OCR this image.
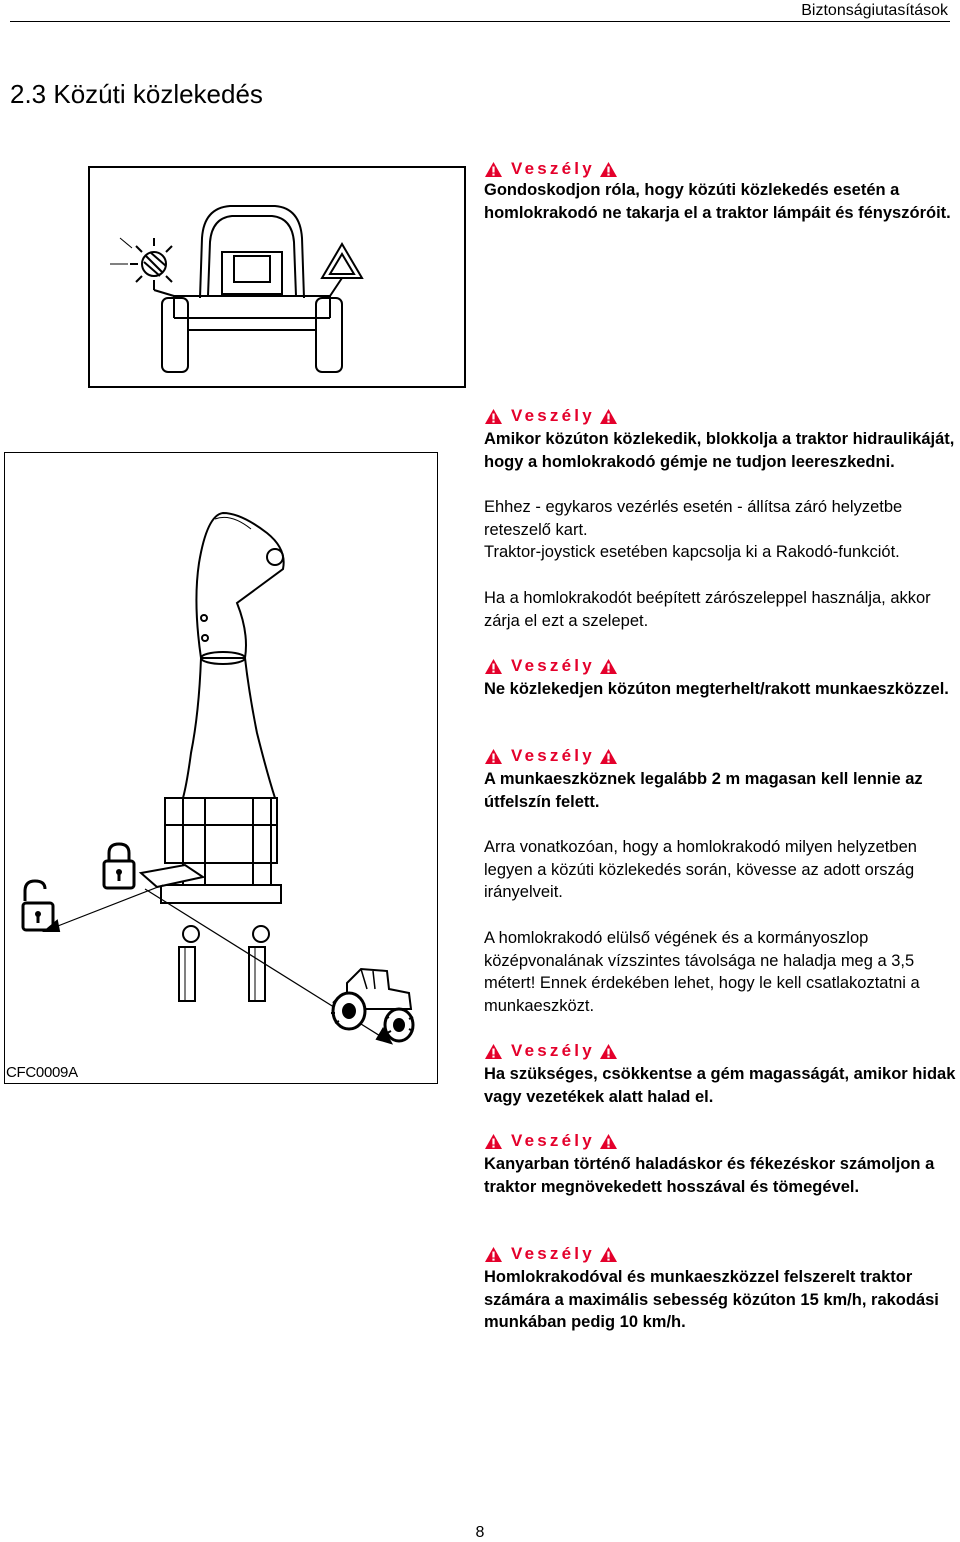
Biztonságiutasítások
2.3 Közúti közlekedés
CFC0009A
Veszély
Gondoskodjon róla, hogy közúti közlekedés esetén a homlokrakodó ne takarja el a traktor lámpáit és fényszóróit.
Veszély
Amikor közúton közlekedik, blokkolja a traktor hidraulikáját, hogy a homlokrakodó gémje ne tudjon leereszkedni.
Ehhez - egykaros vezérlés esetén - állítsa záró helyzetbe reteszelő kart.
Traktor-joystick esetében kapcsolja ki a Rakodó-funkciót.
Ha a homlokrakodót beépített zárószeleppel használja, akkor zárja el ezt a szelepet.
Veszély
Ne közlekedjen közúton megterhelt/rakott munkaeszközzel.
Veszély
A munkaeszköznek legalább 2 m magasan kell lennie az útfelszín felett.
Arra vonatkozóan, hogy a homlokrakodó milyen helyzetben legyen a közúti közlekedés során, kövesse az adott ország irányelveit.
A homlokrakodó elülső végének és a kormányoszlop középvonalának vízszintes távolsága ne haladja meg a 3,5 métert! Ennek érdekében lehet, hogy le kell csatlakoztatni a munkaeszközt.
Veszély
Ha szükséges, csökkentse a gém magasságát, amikor hidak vagy vezetékek alatt halad el.
Veszély
Kanyarban történő haladáskor és fékezéskor számoljon a traktor megnövekedett hosszával és tömegével.
Veszély
Homlokrakodóval és munkaeszközzel felszerelt traktor számára a maximális sebesség közúton 15 km/h, rakodási munkában pedig 10 km/h.
8
